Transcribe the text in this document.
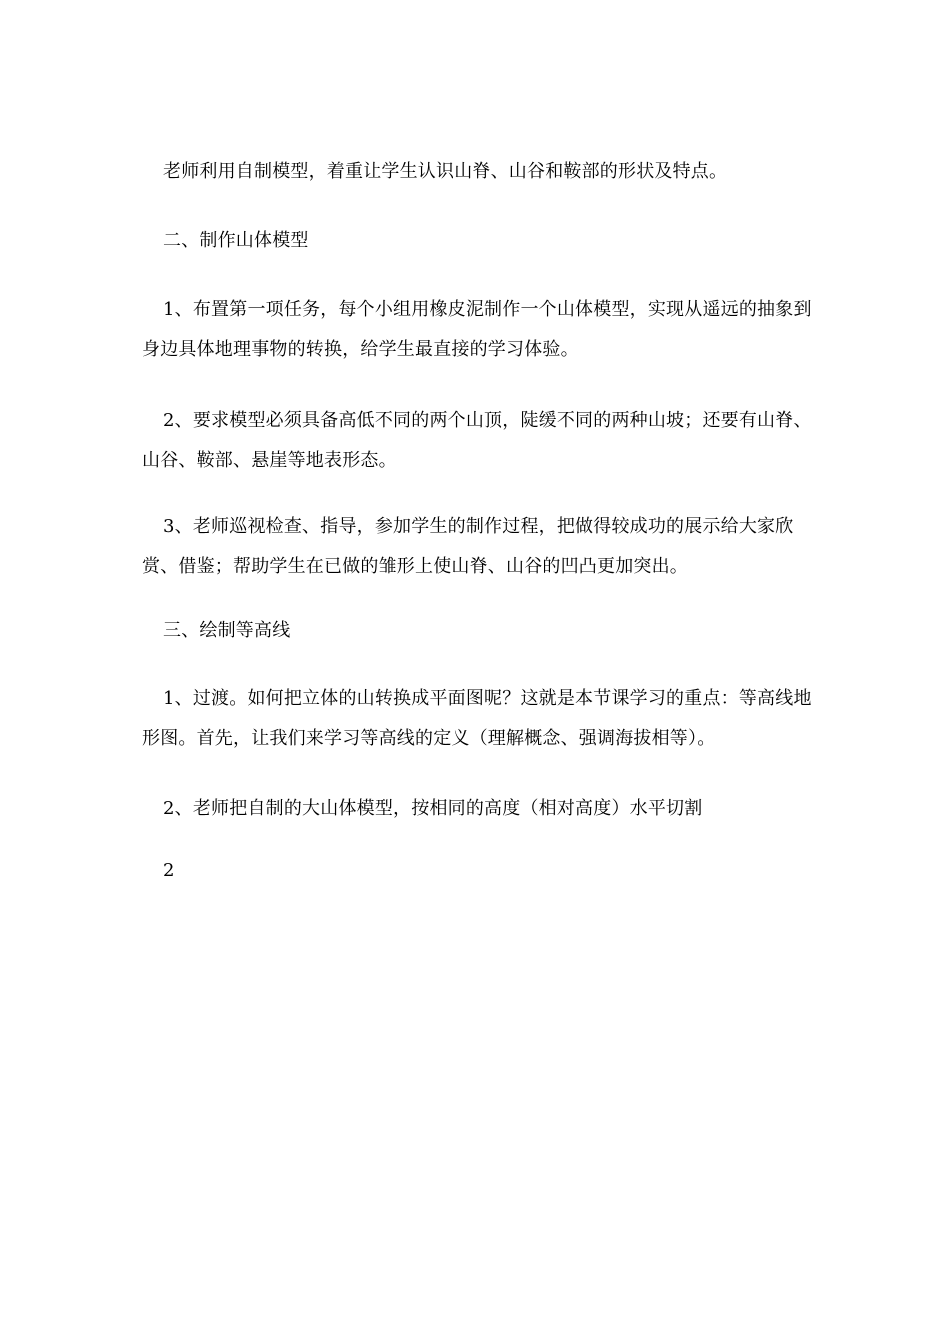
老师利用自制模型，着重让学生认识山脊、山谷和鞍部的形状及特点。

二、制作山体模型

1、布置第一项任务，每个小组用橡皮泥制作一个山体模型，实现从遥远的抽象到身边具体地理事物的转换，给学生最直接的学习体验。

2、要求模型必须具备高低不同的两个山顶，陡缓不同的两种山坡；还要有山脊、山谷、鞍部、悬崖等地表形态。

3、老师巡视检查、指导，参加学生的制作过程，把做得较成功的展示给大家欣赏、借鉴；帮助学生在已做的雏形上使山脊、山谷的凹凸更加突出。

三、绘制等高线

1、过渡。如何把立体的山转换成平面图呢？这就是本节课学习的重点：等高线地形图。首先，让我们来学习等高线的定义（理解概念、强调海拔相等）。

2、老师把自制的大山体模型，按相同的高度（相对高度）水平切割

2
